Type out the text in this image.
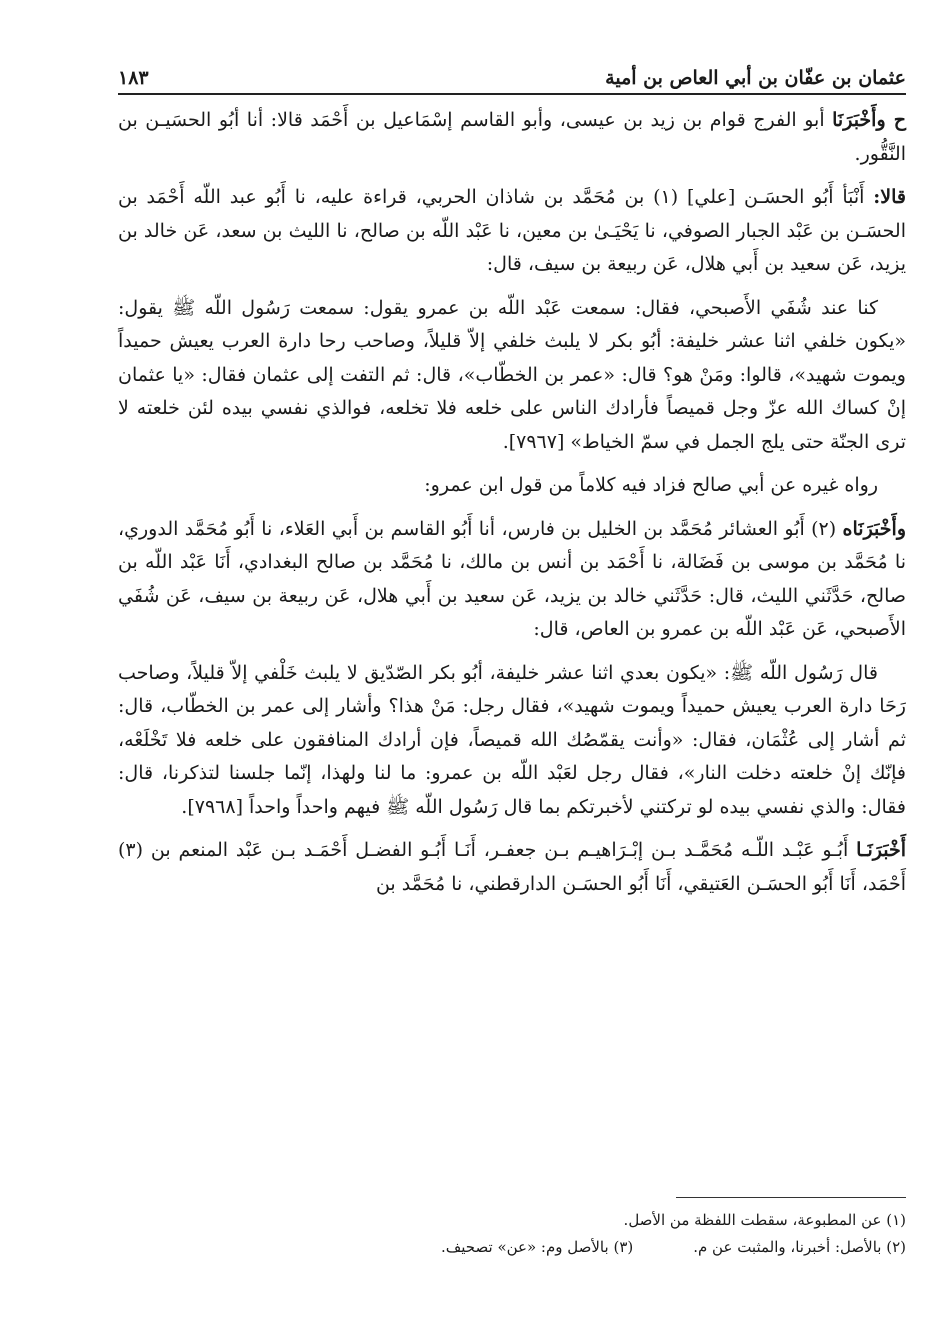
عثمان بن عفّان بن أبي العاص بن أمية
١٨٣

ح وأَخْبَرَنَا أبو الفرج قوام بن زيد بن عيسى، وأبو القاسم إسْمَاعيل بن أَحْمَد قالا: أنا أبُو الحسَيـن بن النَّقُّور.

قالا: أَنْبَأ أَبُو الحسَـن [علي] (١) بن مُحَمَّد بن شاذان الحربي، قراءة عليه، نا أَبُو عبد اللّه أَحْمَد بن الحسَـن بن عَبْد الجبار الصوفي، نا يَحْيَـىٰ بن معين، نا عَبْد اللّه بن صالح، نا الليث بن سعد، عَن خالد بن يزيد، عَن سعيد بن أَبي هلال، عَن ربيعة بن سيف، قال:

كنا عند شُفَي الأَصبحي، فقال: سمعت عَبْد اللّه بن عمرو يقول: سمعت رَسُول اللّه ﷺ يقول: «يكون خلفي اثنا عشر خليفة: أبُو بكر لا يلبث خلفي إلاّ قليلاً، وصاحب رحا دارة العرب يعيش حميداً ويموت شهيد»، قالوا: ومَنْ هو؟ قال: «عمر بن الخطّاب»، قال: ثم التفت إلى عثمان فقال: «يا عثمان إنْ كساك الله عزّ وجل قميصاً فأرادك الناس على خلعه فلا تخلعه، فوالذي نفسي بيده لئن خلعته لا ترى الجنّة حتى يلج الجمل في سمّ الخياط» [٧٩٦٧].

رواه غيره عن أبي صالح فزاد فيه كلاماً من قول ابن عمرو:

وأَخْبَرَنَاه (٢) أَبُو العشائر مُحَمَّد بن الخليل بن فارس، أنا أَبُو القاسم بن أَبي العَلاء، نا أَبُو مُحَمَّد الدوري، نا مُحَمَّد بن موسى بن فَضَالة، نا أَحْمَد بن أنس بن مالك، نا مُحَمَّد بن صالح البغدادي، أَنَا عَبْد اللّه بن صالح، حَدَّثَني الليث، قال: حَدَّثَني خالد بن يزيد، عَن سعيد بن أَبي هلال، عَن ربيعة بن سيف، عَن شُفَي الأَصبحي، عَن عَبْد اللّه بن عمرو بن العاص، قال:

قال رَسُول اللّه ﷺ: «يكون بعدي اثنا عشر خليفة، أبُو بكر الصّدّيق لا يلبث خَلْفي إلاّ قليلاً، وصاحب رَحَا دارة العرب يعيش حميداً ويموت شهيد»، فقال رجل: مَنْ هذا؟ وأشار إلى عمر بن الخطّاب، قال: ثم أشار إلى عُثْمَان، فقال: «وأنت يقمّصُك الله قميصاً، فإن أرادك المنافقون على خلعه فلا تَخْلَعْه، فإنّك إنْ خلعته دخلت النار»، فقال رجل لعَبْد اللّه بن عمرو: ما لنا ولهذا، إنّما جلسنا لتذكرنا، قال: فقال: والذي نفسي بيده لو تركتني لأخبرتكم بما قال رَسُول اللّه ﷺ فيهم واحداً واحداً [٧٩٦٨].

أَخْبَرَنَـا أَبُـو عَبْـد اللّـه مُحَمَّـد بـن إبْـرَاهيـم بـن جعفـر، أَنَـا أَبُـو الفضـل أَحْمَـد بـن عَبْد المنعم بن (٣) أَحْمَد، أَنَا أَبُو الحسَـن العَتيقي، أَنَا أَبُو الحسَـن الدارقطني، نا مُحَمَّد بن

(١) عن المطبوعة، سقطت اللفظة من الأصل.
(٢) بالأصل: أخبرنا، والمثبت عن م.
(٣) بالأصل وم: «عن» تصحيف.
